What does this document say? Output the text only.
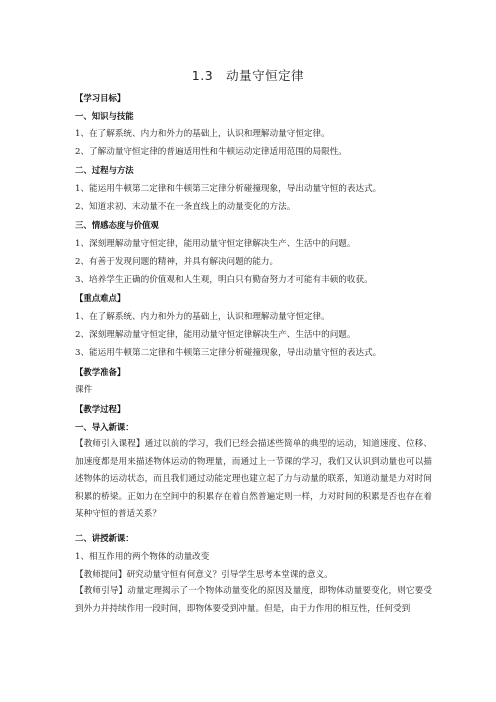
1.3　动量守恒定律
【学习目标】
一、知识与技能
1、在了解系统、内力和外力的基础上，认识和理解动量守恒定律。
2、了解动量守恒定律的普遍适用性和牛顿运动定律适用范围的局限性。
二、过程与方法
1、能运用牛顿第二定律和牛顿第三定律分析碰撞现象，导出动量守恒的表达式。
2、知道求初、末动量不在一条直线上的动量变化的方法。
三、情感态度与价值观
1、深刻理解动量守恒定律，能用动量守恒定律解决生产、生活中的问题。
2、有善于发现问题的精神，并具有解决问题的能力。
3、培养学生正确的价值观和人生观，明白只有勤奋努力才可能有丰硕的收获。
【重点难点】
1、在了解系统、内力和外力的基础上，认识和理解动量守恒定律。
2、深刻理解动量守恒定律，能用动量守恒定律解决生产、生活中的问题。
3、能运用牛顿第二定律和牛顿第三定律分析碰撞现象，导出动量守恒的表达式。
【教学准备】
课件
【教学过程】
一、导入新课：
【教师引入课程】通过以前的学习，我们已经会描述些简单的典型的运动，知道速度、位移、加速度都是用来描述物体运动的物理量，而通过上一节课的学习，我们又认识到动量也可以描述物体的运动状态，而且我们通过动能定理也建立起了力与动量的联系，知道动量是力对时间积累的桥梁。正如力在空间中的积累存在着自然普遍定则一样，力对时间的积累是否也存在着某种守恒的普适关系？
二、讲授新课：
1、相互作用的两个物体的动量改变
【教师提问】研究动量守恒有何意义？引导学生思考本堂课的意义。
【教师引导】动量定理揭示了一个物体动量变化的原因及量度，即物体动量要变化，则它要受到外力并持续作用一段时间，即物体要受到冲量。但是，由于力作用的相互性，任何受到
